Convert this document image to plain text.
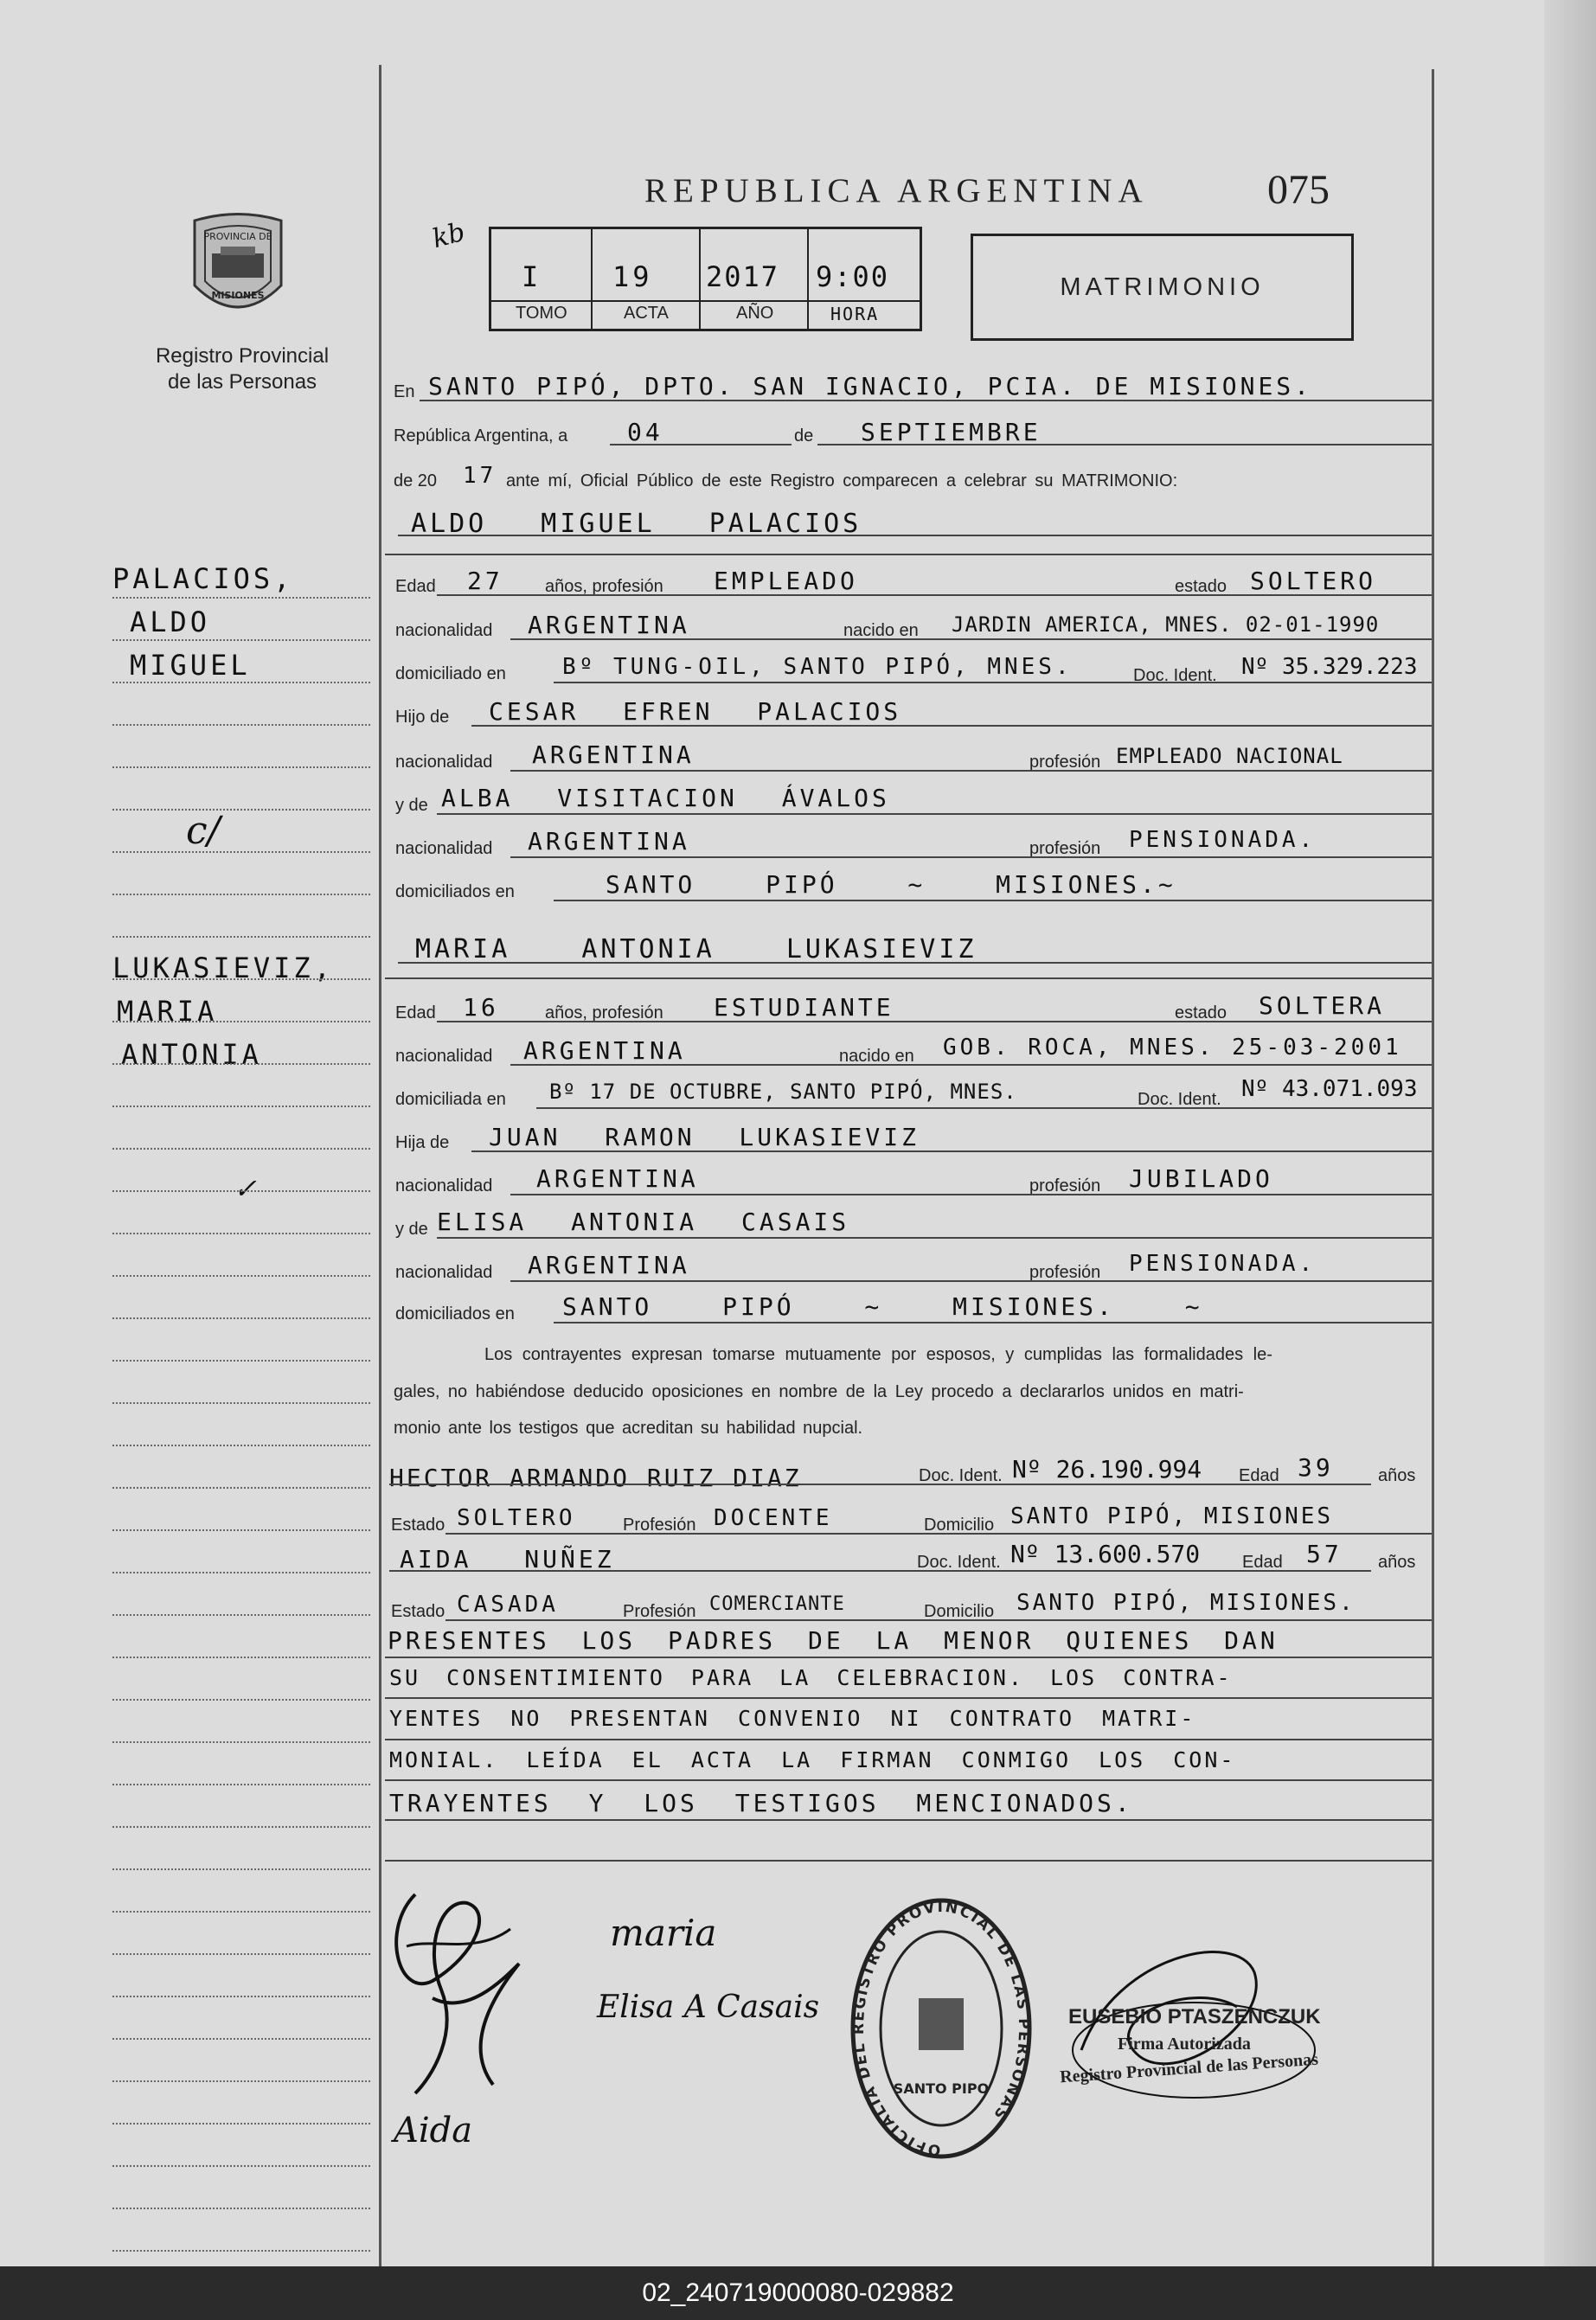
PROVINCIA DE
MISIONES
Registro Provincial
de las Personas
REPUBLICA ARGENTINA	075
kb
I	19 2017 9:00
TOMO	ACTA	AÑO	HORA
MATRIMONIO
PALACIOS,
ALDO
MIGUEL
c/
LUKASIEVIZ,
MARIA
ANTONIA
✓
En SANTO PIPÓ, DPTO. SAN IGNACIO, PCIA. DE MISIONES.
República Argentina, a 04	de SEPTIEMBRE
de 20 17 ante mí, Oficial Público de este Registro comparecen a celebrar su MATRIMONIO:
ALDO MIGUEL PALACIOS
Edad 27 años, profesión EMPLEADO	estado SOLTERO
nacionalidad ARGENTINA	nacido en JARDIN AMERICA, MNES. 02-01-1990
domiciliado en	Bº TUNG-OIL, SANTO PIPÓ, MNES.	Doc. Ident. Nº 35.329.223
Hijo de CESAR EFREN PALACIOS
nacionalidad ARGENTINA	profesión EMPLEADO NACIONAL
y de ALBA VISITACION ÁVALOS
nacionalidad ARGENTINA	profesión PENSIONADA.
domiciliados en	SANTO PIPÓ ~ MISIONES.~
MARIA ANTONIA LUKASIEVIZ
Edad 16	años, profesión ESTUDIANTE	estado SOLTERA
nacionalidad ARGENTINA	nacido en GOB. ROCA, MNES. 25-03-2001
domiciliada en Bº 17 DE OCTUBRE, SANTO PIPÓ, MNES.	Doc. Ident. Nº 43.071.093
Hija de JUAN RAMON LUKASIEVIZ
nacionalidad ARGENTINA	profesión JUBILADO
y de ELISA ANTONIA CASAIS
nacionalidad ARGENTINA	profesión PENSIONADA.
domiciliados en SANTO PIPÓ ~ MISIONES. ~
Los contrayentes expresan tomarse mutuamente por esposos, y cumplidas las formalidades le-
gales, no habiéndose deducido oposiciones en nombre de la Ley procedo a declararlos unidos en matri-
monio ante los testigos que acreditan su habilidad nupcial.
HECTOR ARMANDO RUIZ DIAZ	Doc. Ident. Nº 26.190.994 Edad 39	años
Estado SOLTERO	Profesión DOCENTE	Domicilio SANTO PIPÓ, MISIONES
AIDA NUÑEZ	Doc. Ident. Nº 13.600.570 Edad 57 años
Estado CASADA	Profesión COMERCIANTE	Domicilio SANTO PIPÓ, MISIONES.
PRESENTES LOS PADRES DE LA MENOR QUIENES DAN
SU CONSENTIMIENTO PARA LA CELEBRACION. LOS CONTRA-
YENTES NO PRESENTAN CONVENIO NI CONTRATO MATRI-
MONIAL. LEÍDA EL ACTA LA FIRMAN CONMIGO LOS CON-
TRAYENTES Y LOS TESTIGOS MENCIONADOS.
maria
Elisa A Casais
Aida	OFICIALIA DEL REGISTRO PROVINCIAL DE LAS PERSONAS
SANTO PIPO
EUSEBIO PTASZENCZUK
Firma Autorizada
Registro Provincial de las Personas
02_240719000080-029882
